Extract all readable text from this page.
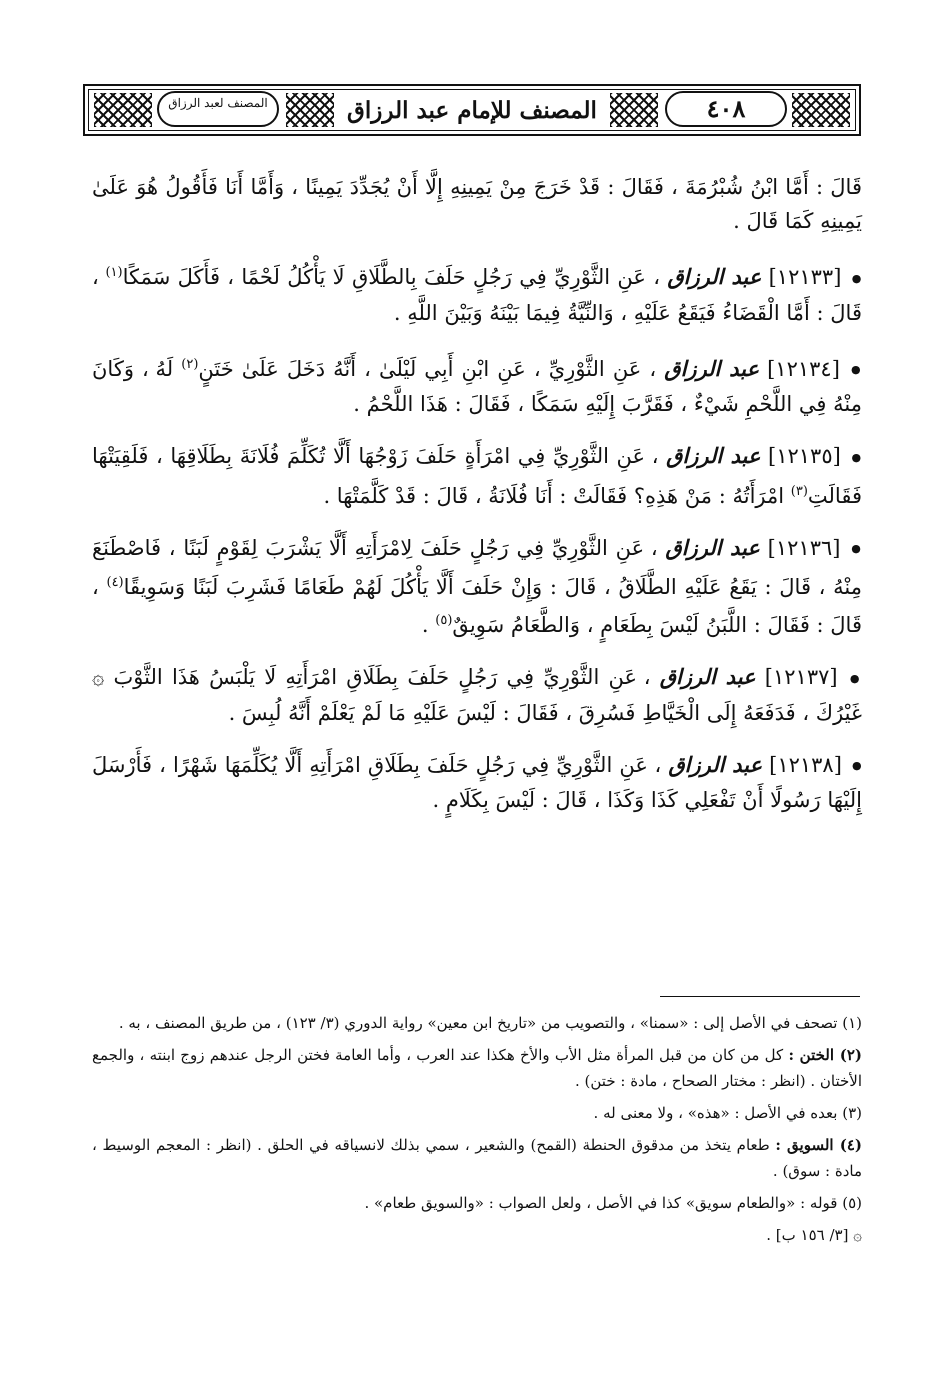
٤٠٨
المصنف للإمام عبد الرزاق
المصنف لعبد الرزاق

قَالَ : أَمَّا ابْنُ شُبْرُمَةَ ، فَقَالَ : قَدْ خَرَجَ مِنْ يَمِينِهِ إِلَّا أَنْ يُجَدِّدَ يَمِينًا ، وَأَمَّا أَنَا فَأَقُولُ هُوَ عَلَىٰ يَمِينِهِ كَمَا قَالَ .

● [١٢١٣٣] عبد الرزاق ، عَنِ الثَّوْرِيِّ فِي رَجُلٍ حَلَفَ بِالطَّلَاقِ لَا يَأْكُلُ لَحْمًا ، فَأَكَلَ سَمَكًا$^{(١)}$ ، قَالَ : أَمَّا الْقَضَاءُ فَيَقَعُ عَلَيْهِ ، وَالنِّيَّةُ فِيمَا بَيْنَهُ وَبَيْنَ اللَّهِ .

● [١٢١٣٤] عبد الرزاق ، عَنِ الثَّوْرِيِّ ، عَنِ ابْنِ أَبِي لَيْلَىٰ ، أَنَّهُ دَخَلَ عَلَىٰ خَتَنٍ$^{(٢)}$ لَهُ ، وَكَانَ مِنْهُ فِي اللَّحْمِ شَيْءٌ ، فَقَرَّبَ إِلَيْهِ سَمَكًا ، فَقَالَ : هَذَا اللَّحْمُ .

● [١٢١٣٥] عبد الرزاق ، عَنِ الثَّوْرِيِّ فِي امْرَأَةٍ حَلَفَ زَوْجُهَا أَلَّا تُكَلِّمَ فُلَانَةَ بِطَلَاقِهَا ، فَلَقِيَتْهَا فَقَالَتِ$^{(٣)}$ امْرَأَتُهُ : مَنْ هَذِهِ؟ فَقَالَتْ : أَنَا فُلَانَةُ ، قَالَ : قَدْ كَلَّمَتْهَا .

● [١٢١٣٦] عبد الرزاق ، عَنِ الثَّوْرِيِّ فِي رَجُلٍ حَلَفَ لِامْرَأَتِهِ أَلَّا يَشْرَبَ لِقَوْمٍ لَبَنًا ، فَاصْطَنَعَ مِنْهُ ، قَالَ : يَقَعُ عَلَيْهِ الطَّلَاقُ ، قَالَ : وَإِنْ حَلَفَ أَلَّا يَأْكُلَ لَهُمْ طَعَامًا فَشَرِبَ لَبَنًا وَسَوِيقًا$^{(٤)}$ ، قَالَ : فَقَالَ : اللَّبَنُ لَيْسَ بِطَعَامٍ ، وَالطَّعَامُ سَوِيقٌ$^{(٥)}$ .

● [١٢١٣٧] عبد الرزاق ، عَنِ الثَّوْرِيِّ فِي رَجُلٍ حَلَفَ بِطَلَاقِ امْرَأَتِهِ لَا يَلْبَسُ هَذَا الثَّوْبَ ۞ غَيْرُكَ ، فَدَفَعَهُ إِلَى الْخَيَّاطِ فَسُرِقَ ، فَقَالَ : لَيْسَ عَلَيْهِ مَا لَمْ يَعْلَمْ أَنَّهُ لُبِسَ .

● [١٢١٣٨] عبد الرزاق ، عَنِ الثَّوْرِيِّ فِي رَجُلٍ حَلَفَ بِطَلَاقِ امْرَأَتِهِ أَلَّا يُكَلِّمَهَا شَهْرًا ، فَأَرْسَلَ إِلَيْهَا رَسُولًا أَنْ تَفْعَلِي كَذَا وَكَذَا ، قَالَ : لَيْسَ بِكَلَامٍ .

(١) تصحف في الأصل إلى : «سمنا» ، والتصويب من «تاريخ ابن معين» رواية الدوري (٣/ ١٢٣) ، من طريق المصنف ، به .

(٢) الختن : كل من كان من قبل المرأة مثل الأب والأخ هكذا عند العرب ، وأما العامة فختن الرجل عندهم زوج ابنته ، والجمع الأختان . (انظر : مختار الصحاح ، مادة : ختن) .

(٣) بعده في الأصل : «هذه» ، ولا معنى له .

(٤) السويق : طعام يتخذ من مدقوق الحنطة (القمح) والشعير ، سمي بذلك لانسياقه في الحلق . (انظر : المعجم الوسيط ، مادة : سوق) .

(٥) قوله : «والطعام سويق» كذا في الأصل ، ولعل الصواب : «والسويق طعام» .

۞ [٣/ ١٥٦ ب] .
